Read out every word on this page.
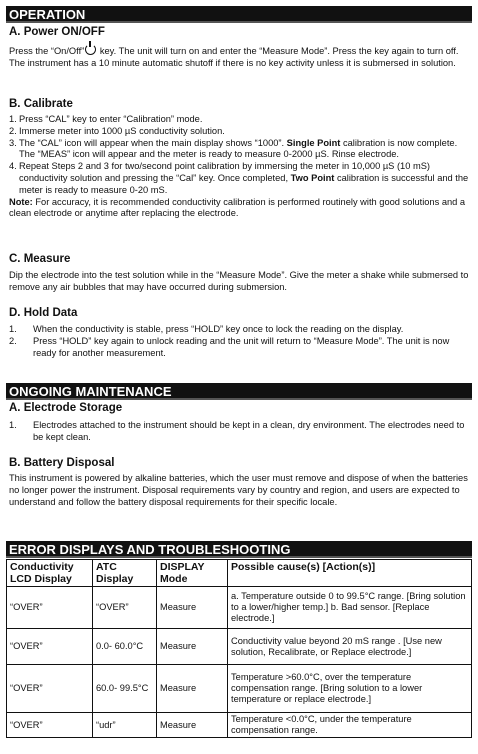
OPERATION
A. Power ON/OFF
Press the “On/Off” key. The unit will turn on and enter the “Measure Mode”. Press the key again to turn off. The instrument has a 10 minute automatic shutoff if there is no key activity unless it is submersed in solution.
B. Calibrate
1. Press “CAL” key to enter “Calibration” mode.
2. Immerse meter into 1000 µS conductivity solution.
3. The “CAL” icon will appear when the main display shows “1000”. Single Point calibration is now complete. The “MEAS” icon will appear and the meter is ready to measure 0-2000 µS. Rinse electrode.
4. Repeat Steps 2 and 3 for two/second point calibration by immersing the meter in 10,000 µS (10 mS) conductivity solution and pressing the “Cal” key. Once completed, Two Point calibration is successful and the meter is ready to measure 0-20 mS.
Note: For accuracy, it is recommended conductivity calibration is performed routinely with good solutions and a clean electrode or anytime after replacing the electrode.
C. Measure
Dip the electrode into the test solution while in the “Measure Mode”. Give the meter a shake while submersed to remove any air bubbles that may have occurred during submersion.
D. Hold Data
1.	When the conductivity is stable, press “HOLD” key once to lock the reading on the display.
2.	Press “HOLD” key again to unlock reading and the unit will return to “Measure Mode”. The unit is now ready for another measurement.
ONGOING MAINTENANCE
A. Electrode Storage
1.	Electrodes attached to the instrument should be kept in a clean, dry environment. The electrodes need to be kept clean.
B. Battery Disposal
This instrument is powered by alkaline batteries, which the user must remove and dispose of when the batteries no longer power the instrument. Disposal requirements vary by country and region, and users are expected to understand and follow the battery disposal requirements for their specific locale.
ERROR DISPLAYS AND TROUBLESHOOTING
Conductivity LCD Display	ATC Display	DISPLAY Mode	Possible cause(s) [Action(s)]
“OVER”	“OVER”	Measure	a. Temperature outside 0 to 99.5°C range. [Bring solution to a lower/higher temp.] b. Bad sensor. [Replace electrode.]
“OVER”	0.0- 60.0°C	Measure	Conductivity value beyond 20 mS range . [Use new solution, Recalibrate, or Replace electrode.]
“OVER”	60.0- 99.5°C	Measure	Temperature >60.0°C, over the temperature compensation range. [Bring solution to a lower temperature or replace electrode.]
“OVER”	“udr”	Measure	Temperature <0.0°C, under the temperature compensation range.
